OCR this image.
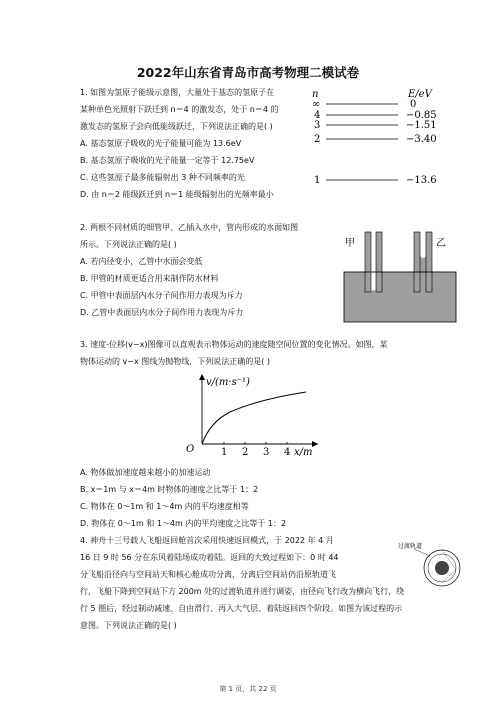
2022年山东省青岛市高考物理二模试卷
1. 如图为氢原子能级示意图，大量处于基态的氢原子在
某种单色光照射下跃迁到 n＝4 的激发态，处于 n＝4 的
激发态的氢原子会向低能级跃迁，下列说法正确的是( )
A. 基态氢原子吸收的光子能量可能为 13.6eV
B. 基态氢原子吸收的光子能量一定等于 12.75eV
C. 这些氢原子最多能辐射出 3 种不同频率的光
D. 由 n＝2 能级跃迁到 n＝1 能级辐射出的光频率最小
n	E/eV
∞	0
4	−0.85
3	−1.51
2	−3.40
1	−13.6
2. 两根不同材质的细管甲、乙插入水中，管内形成的水面如图
所示。下列说法正确的是( )
A. 若内径变小，乙管中水面会变低
B. 甲管的材质更适合用来制作防水材料
C. 甲管中表面层内水分子间作用力表现为斥力
D. 乙管中表面层内水分子间作用力表现为斥力
甲	乙
3. 速度-位移(v−x)图像可以直观表示物体运动的速度随空间位置的变化情况。如图，某
物体运动的 v−x 图线为抛物线，下列说法正确的是( )
v/(m·s⁻¹)
O	1 2 3 4 x/m
A. 物体做加速度越来越小的加速运动
B. x＝1m 与 x＝4m 时物体的速度之比等于 1：2
C. 物体在 0～1m 和 1～4m 内的平均速度相等
D. 物体在 0～1m 和 1～4m 内的平均速度之比等于 1：2
4. 神舟十三号载人飞船返回舱首次采用快速返回模式，于 2022 年 4 月
16 日 9 时 56 分在东风着陆场成功着陆。返回的大致过程如下：0 时 44
分飞船沿径向与空间站天和核心舱成功分离，分离后空间站仍沿原轨道飞
行，飞船下降到空间站下方 200m 处的过渡轨道并进行调姿，由径向飞行改为横向飞行，绕
行 5 圈后，经过制动减速、自由滑行、再入大气层、着陆返回四个阶段。如图为该过程的示
意图。下列说法正确的是( )
过渡轨道
第 1 页，共 22 页
